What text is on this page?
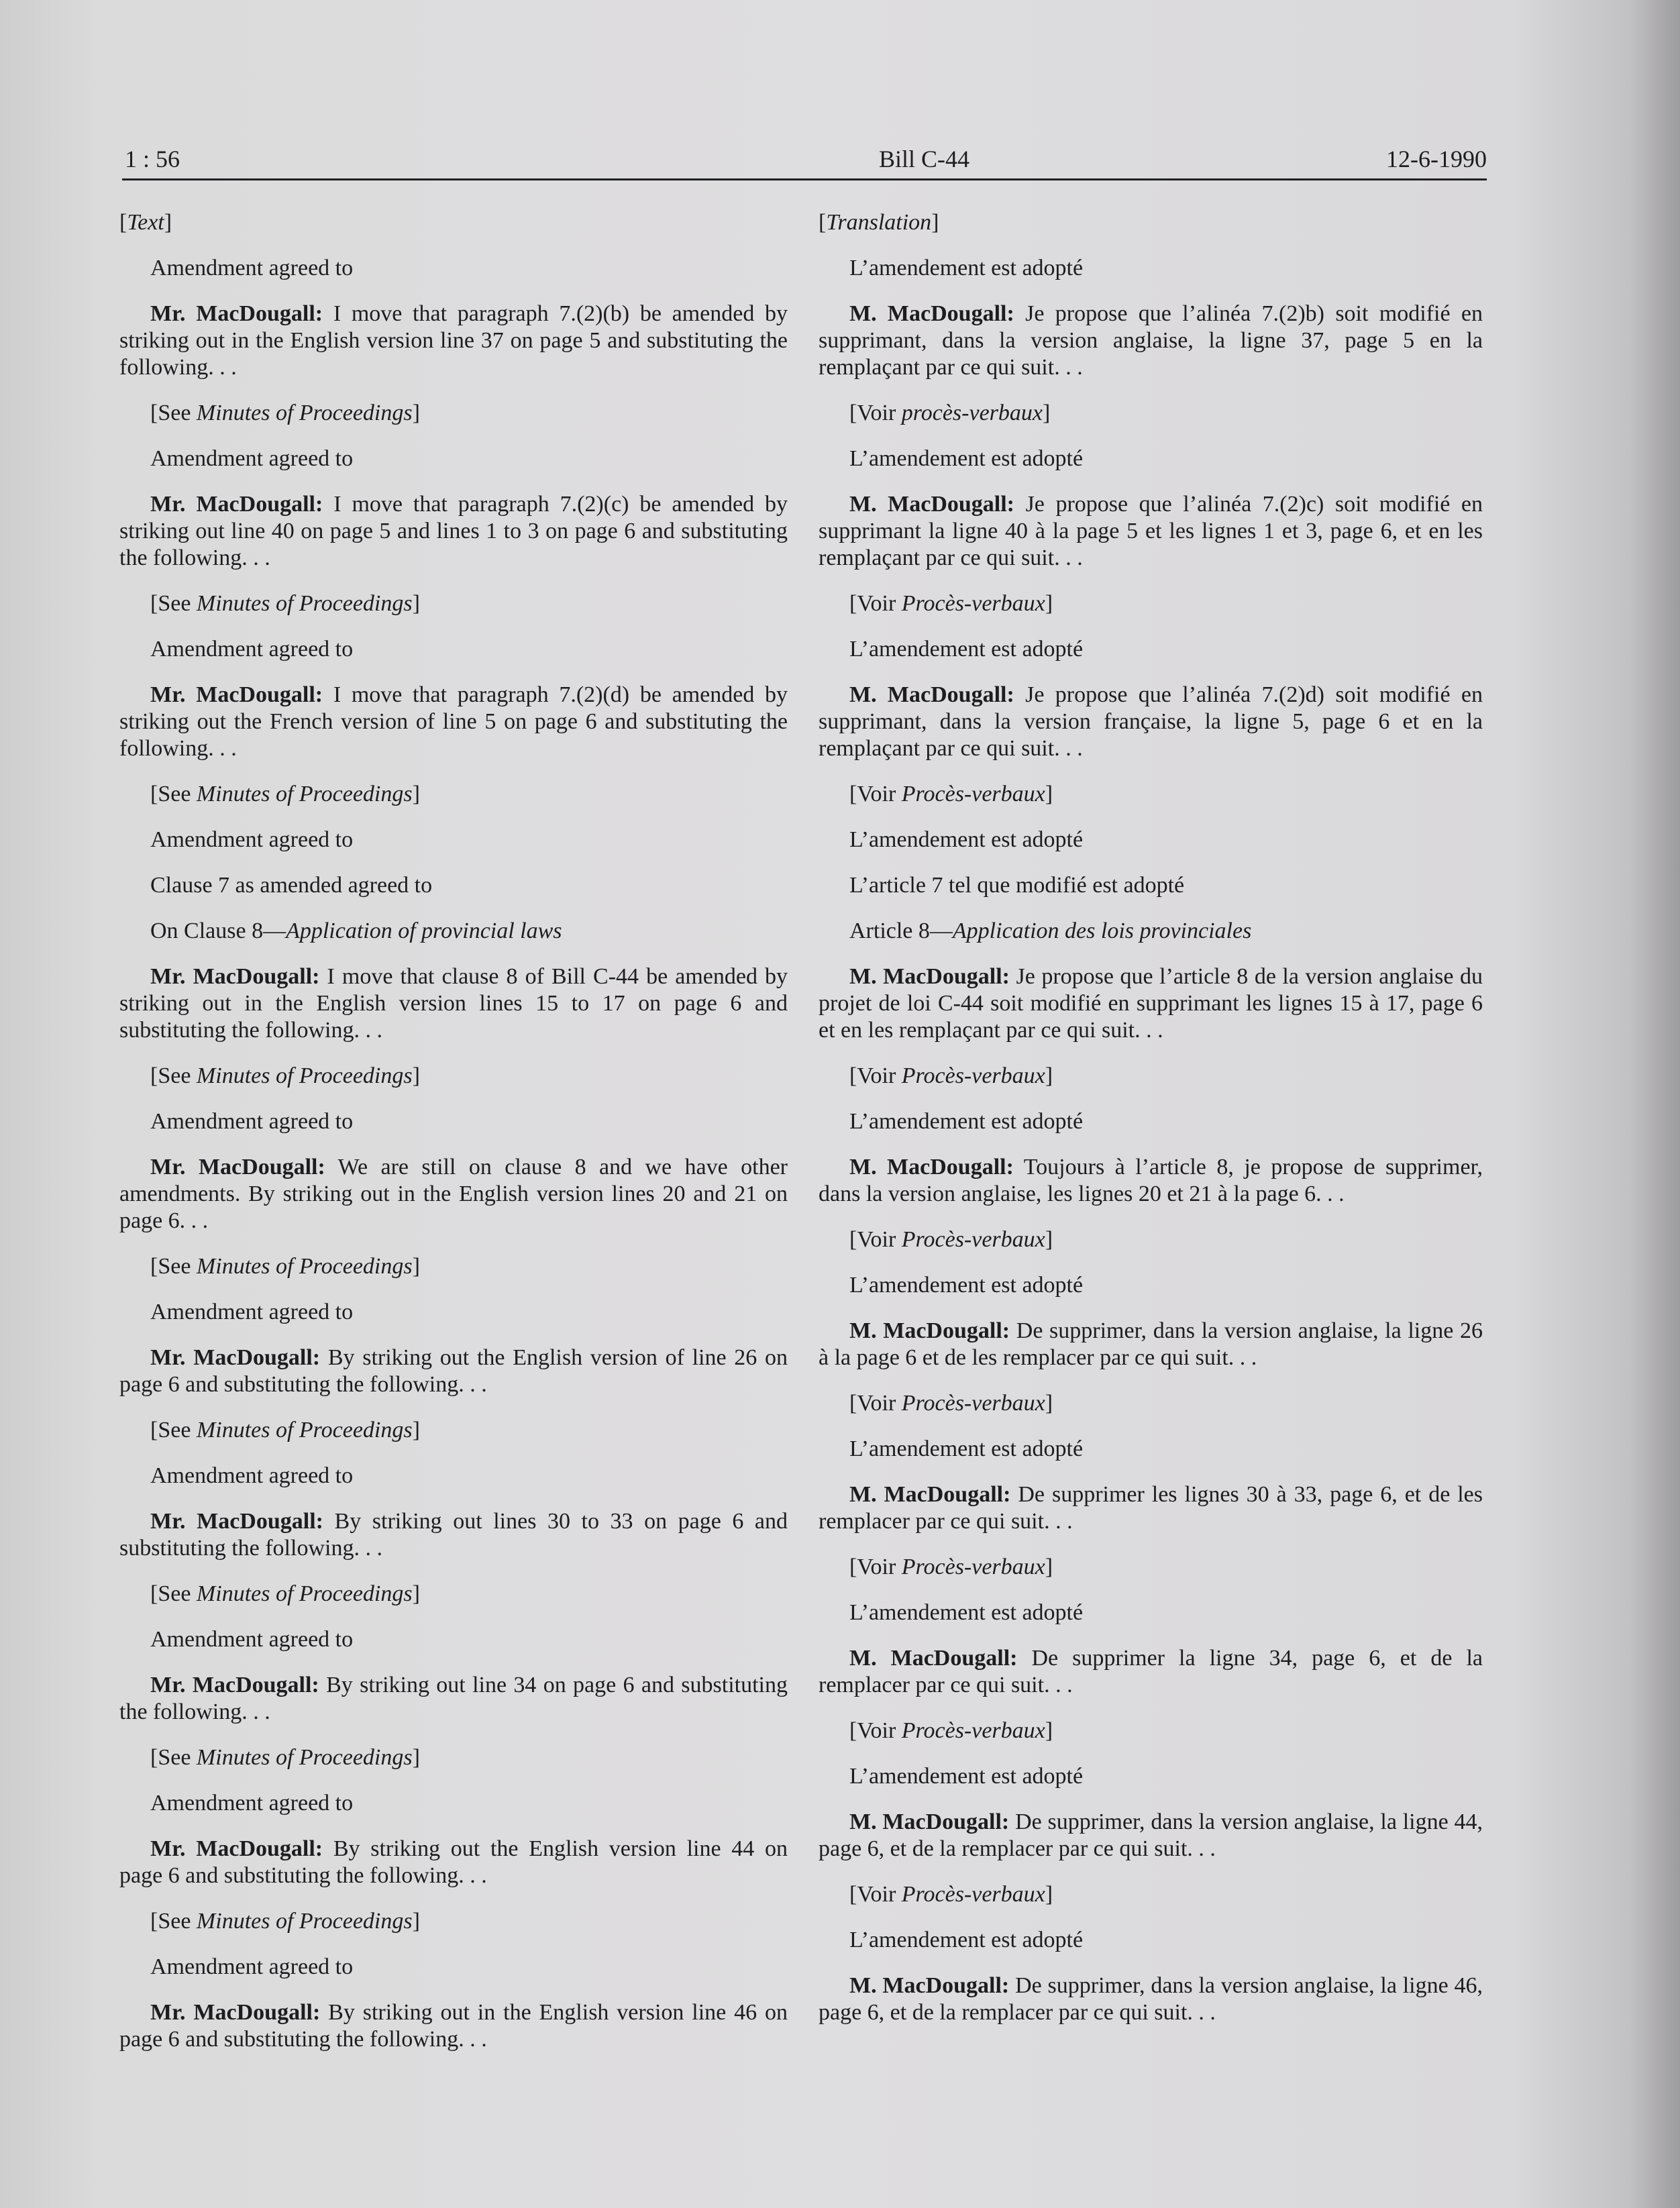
1 : 56	Bill C-44	12-6-1990
[Text]
Amendment agreed to
Mr. MacDougall: I move that paragraph 7.(2)(b) be amended by striking out in the English version line 37 on page 5 and substituting the following. . .
[See Minutes of Proceedings]
Amendment agreed to
Mr. MacDougall: I move that paragraph 7.(2)(c) be amended by striking out line 40 on page 5 and lines 1 to 3 on page 6 and substituting the following. . .
[See Minutes of Proceedings]
Amendment agreed to
Mr. MacDougall: I move that paragraph 7.(2)(d) be amended by striking out the French version of line 5 on page 6 and substituting the following. . .
[See Minutes of Proceedings]
Amendment agreed to
Clause 7 as amended agreed to
On Clause 8—Application of provincial laws
Mr. MacDougall: I move that clause 8 of Bill C-44 be amended by striking out in the English version lines 15 to 17 on page 6 and substituting the following. . .
[See Minutes of Proceedings]
Amendment agreed to
Mr. MacDougall: We are still on clause 8 and we have other amendments. By striking out in the English version lines 20 and 21 on page 6. . .
[See Minutes of Proceedings]
Amendment agreed to
Mr. MacDougall: By striking out the English version of line 26 on page 6 and substituting the following. . .
[See Minutes of Proceedings]
Amendment agreed to
Mr. MacDougall: By striking out lines 30 to 33 on page 6 and substituting the following. . .
[See Minutes of Proceedings]
Amendment agreed to
Mr. MacDougall: By striking out line 34 on page 6 and substituting the following. . .
[See Minutes of Proceedings]
Amendment agreed to
Mr. MacDougall: By striking out the English version line 44 on page 6 and substituting the following. . .
[See Minutes of Proceedings]
Amendment agreed to
Mr. MacDougall: By striking out in the English version line 46 on page 6 and substituting the following. . .
[Translation]
L’amendement est adopté
M. MacDougall: Je propose que l’alinéa 7.(2)b) soit modifié en supprimant, dans la version anglaise, la ligne 37, page 5 en la remplaçant par ce qui suit. . .
[Voir procès-verbaux]
L’amendement est adopté
M. MacDougall: Je propose que l’alinéa 7.(2)c) soit modifié en supprimant la ligne 40 à la page 5 et les lignes 1 et 3, page 6, et en les remplaçant par ce qui suit. . .
[Voir Procès-verbaux]
L’amendement est adopté
M. MacDougall: Je propose que l’alinéa 7.(2)d) soit modifié en supprimant, dans la version française, la ligne 5, page 6 et en la remplaçant par ce qui suit. . .
[Voir Procès-verbaux]
L’amendement est adopté
L’article 7 tel que modifié est adopté
Article 8—Application des lois provinciales
M. MacDougall: Je propose que l’article 8 de la version anglaise du projet de loi C-44 soit modifié en supprimant les lignes 15 à 17, page 6 et en les remplaçant par ce qui suit. . .
[Voir Procès-verbaux]
L’amendement est adopté
M. MacDougall: Toujours à l’article 8, je propose de supprimer, dans la version anglaise, les lignes 20 et 21 à la page 6. . .
[Voir Procès-verbaux]
L’amendement est adopté
M. MacDougall: De supprimer, dans la version anglaise, la ligne 26 à la page 6 et de les remplacer par ce qui suit. . .
[Voir Procès-verbaux]
L’amendement est adopté
M. MacDougall: De supprimer les lignes 30 à 33, page 6, et de les remplacer par ce qui suit. . .
[Voir Procès-verbaux]
L’amendement est adopté
M. MacDougall: De supprimer la ligne 34, page 6, et de la remplacer par ce qui suit. . .
[Voir Procès-verbaux]
L’amendement est adopté
M. MacDougall: De supprimer, dans la version anglaise, la ligne 44, page 6, et de la remplacer par ce qui suit. . .
[Voir Procès-verbaux]
L’amendement est adopté
M. MacDougall: De supprimer, dans la version anglaise, la ligne 46, page 6, et de la remplacer par ce qui suit. . .
